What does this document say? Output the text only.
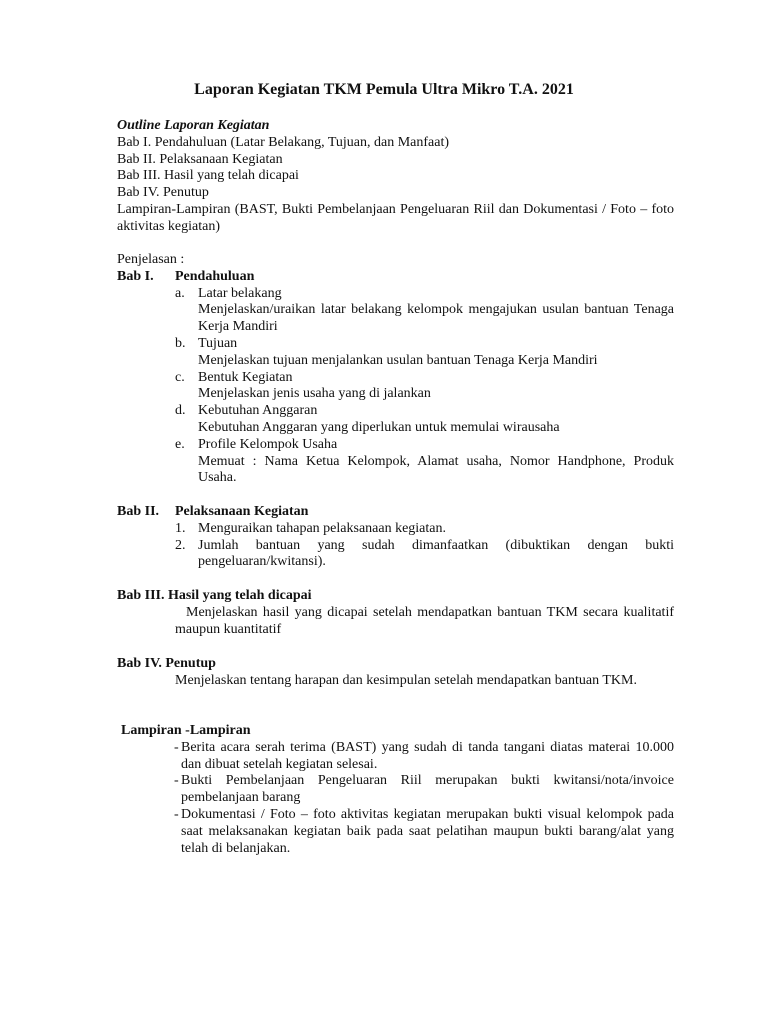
Laporan Kegiatan TKM Pemula Ultra Mikro T.A. 2021
Outline Laporan Kegiatan
Bab I. Pendahuluan (Latar Belakang, Tujuan, dan Manfaat)
Bab II. Pelaksanaan Kegiatan
Bab III. Hasil yang telah dicapai
Bab IV. Penutup
Lampiran-Lampiran (BAST, Bukti Pembelanjaan Pengeluaran Riil dan Dokumentasi / Foto – foto aktivitas kegiatan)
Penjelasan :
Bab I.	Pendahuluan
a. Latar belakang
Menjelaskan/uraikan latar belakang kelompok mengajukan usulan bantuan Tenaga Kerja Mandiri
b. Tujuan
Menjelaskan tujuan menjalankan usulan bantuan Tenaga Kerja Mandiri
c. Bentuk Kegiatan
Menjelaskan jenis usaha yang di jalankan
d. Kebutuhan Anggaran
Kebutuhan Anggaran yang diperlukan untuk memulai wirausaha
e. Profile Kelompok Usaha
Memuat : Nama Ketua Kelompok, Alamat usaha, Nomor Handphone, Produk Usaha.
Bab II.	Pelaksanaan Kegiatan
1. Menguraikan tahapan pelaksanaan kegiatan.
2. Jumlah bantuan yang sudah dimanfaatkan (dibuktikan dengan bukti pengeluaran/kwitansi).
Bab III. Hasil yang telah dicapai
Menjelaskan hasil yang dicapai setelah mendapatkan bantuan TKM secara kualitatif maupun kuantitatif
Bab IV. Penutup
Menjelaskan tentang harapan dan kesimpulan setelah mendapatkan bantuan TKM.
Lampiran -Lampiran
- Berita acara serah terima (BAST) yang sudah di tanda tangani diatas materai 10.000 dan dibuat setelah kegiatan selesai.
- Bukti Pembelanjaan Pengeluaran Riil merupakan bukti kwitansi/nota/invoice pembelanjaan barang
- Dokumentasi / Foto – foto aktivitas kegiatan merupakan bukti visual kelompok pada saat melaksanakan kegiatan baik pada saat pelatihan maupun bukti barang/alat yang telah di belanjakan.
